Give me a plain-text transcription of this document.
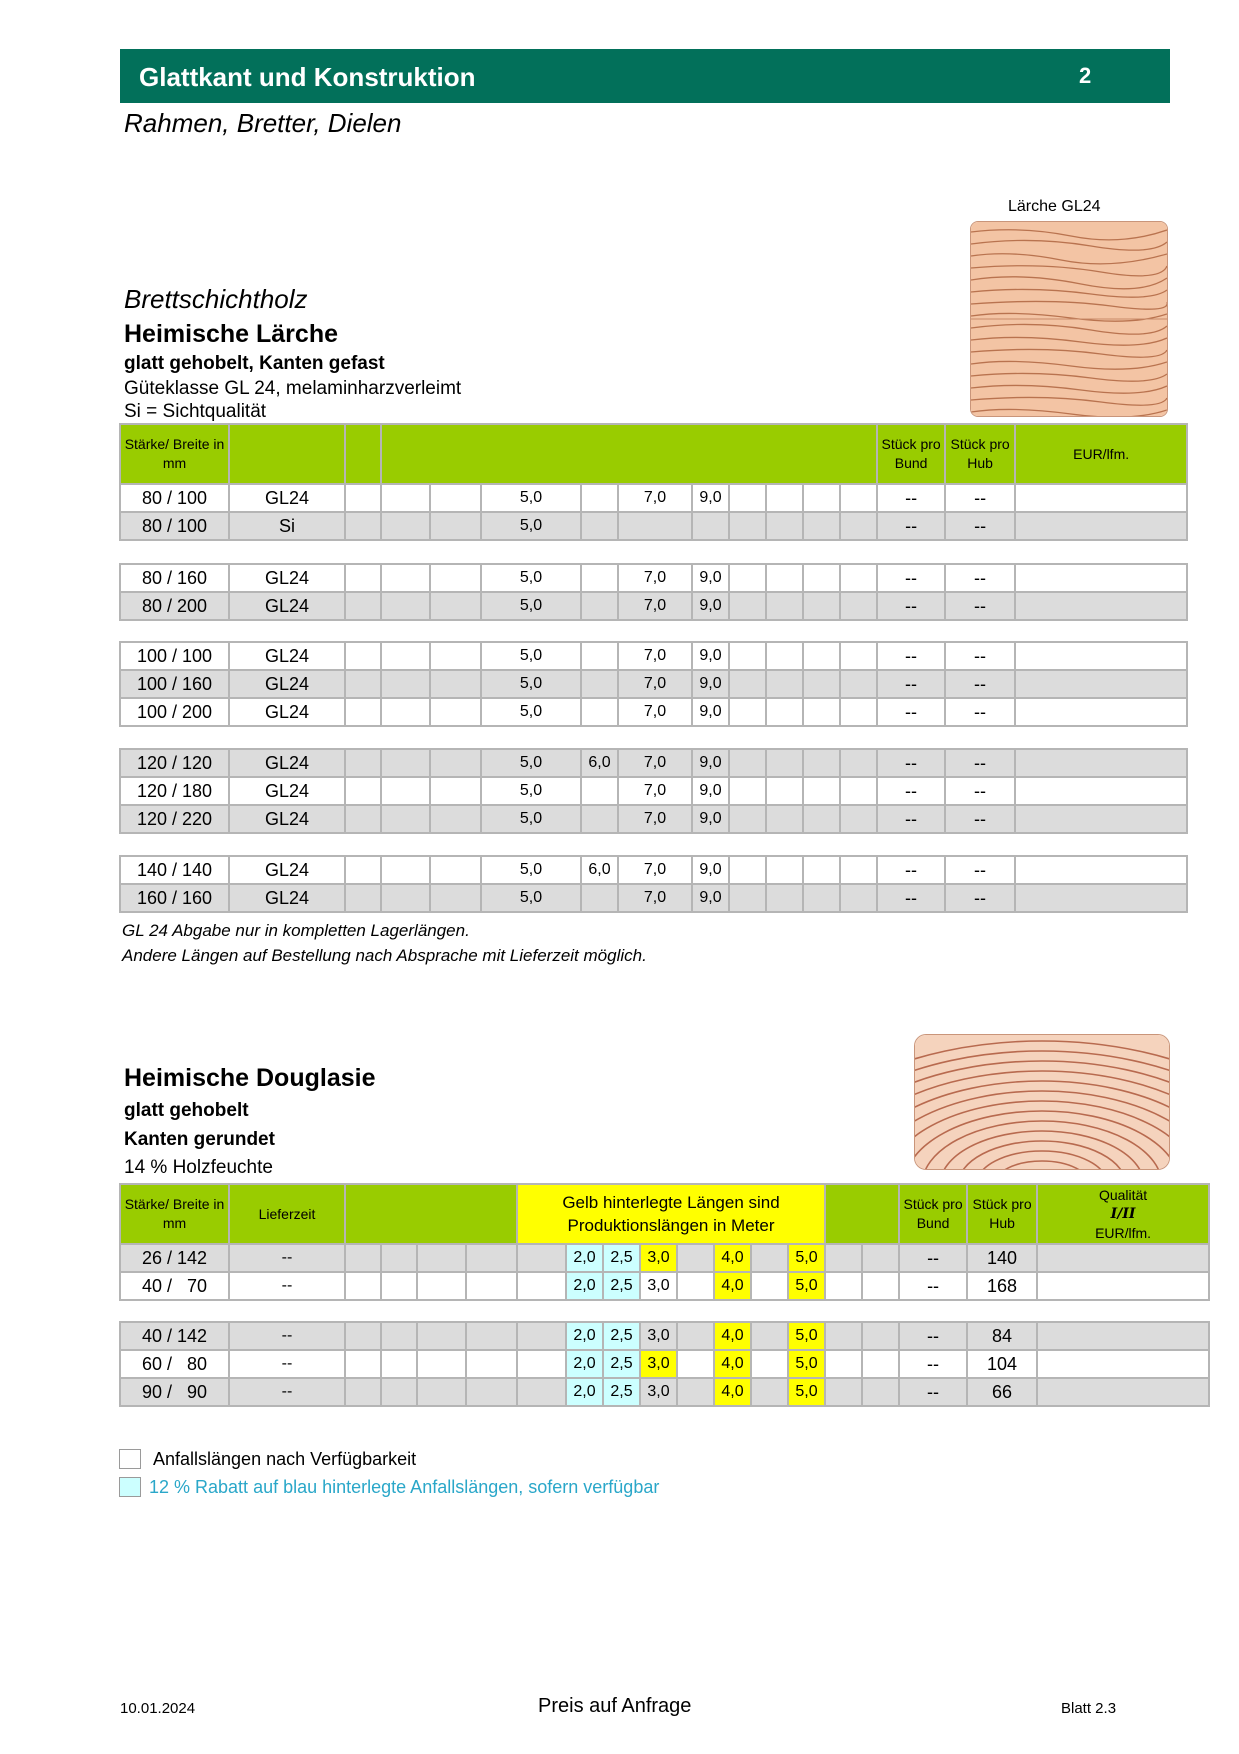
Glattkant und Konstruktion	2
Rahmen, Bretter, Dielen
Lärche GL24
Brettschichtholz
Heimische Lärche
glatt gehobelt, Kanten gefast
Güteklasse GL 24, melaminharzverleimt
Si = Sichtqualität
Stärke/ Breite in mm													Stück pro Bund	Stück pro Hub	EUR/lfm.
80 / 100	GL24				5,0		7,0	9,0					--	--	
80 / 100	Si				5,0								--	--	
80 / 160	GL24				5,0		7,0	9,0					--	--	
80 / 200	GL24				5,0		7,0	9,0					--	--	
100 / 100	GL24				5,0		7,0	9,0					--	--	
100 / 160	GL24				5,0		7,0	9,0					--	--	
100 / 200	GL24				5,0		7,0	9,0					--	--	
120 / 120	GL24				5,0	6,0	7,0	9,0					--	--	
120 / 180	GL24				5,0		7,0	9,0					--	--	
120 / 220	GL24				5,0		7,0	9,0					--	--	
140 / 140	GL24				5,0	6,0	7,0	9,0					--	--	
160 / 160	GL24				5,0		7,0	9,0					--	--	
GL 24 Abgabe nur in kompletten Lagerlängen.
Andere Längen auf Bestellung nach Absprache mit Lieferzeit möglich.
Heimische Douglasie
glatt gehobelt
Kanten gerundet
14 % Holzfeuchte
Stärke/ Breite in mm	Lieferzeit					Gelb hinterlegte Längen sind Produktionslängen in Meter										Stück pro Bund	Stück pro Hub	Qualität
I/II
EUR/lfm.

26 / 142	--						2,0	2,5	3,0		4,0		5,0			--	140	
40 /   70	--						2,0	2,5	3,0		4,0		5,0			--	168	
40 / 142	--						2,0	2,5	3,0		4,0		5,0			--	84	
60 /   80	--						2,0	2,5	3,0		4,0		5,0			--	104	
90 /   90	--						2,0	2,5	3,0		4,0		5,0			--	66	
Anfallslängen nach Verfügbarkeit
12 % Rabatt auf blau hinterlegte Anfallslängen, sofern verfügbar
10.01.2024	Preis auf Anfrage	Blatt 2.3
